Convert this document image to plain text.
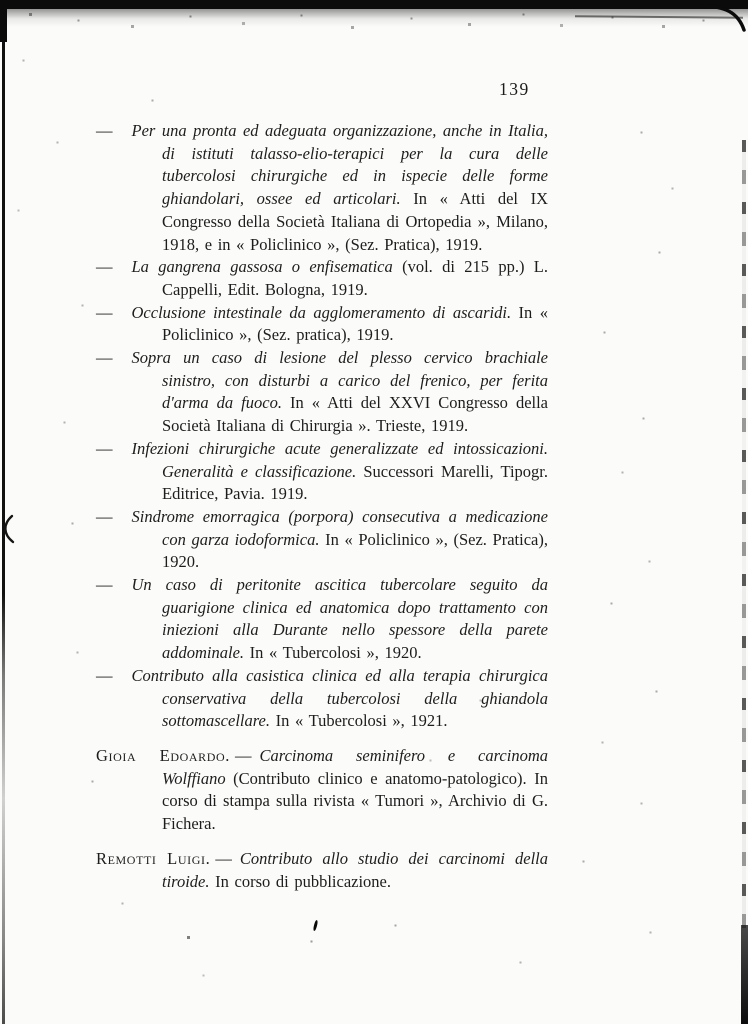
139

— Per una pronta ed adeguata organizzazione, anche in Italia, di istituti talasso-elio-terapici per la cura delle tubercolosi chirurgiche ed in ispecie delle forme ghiandolari, ossee ed articolari. In « Atti del IX Congresso della Società Italiana di Ortopedia », Milano, 1918, e in « Policlinico », (Sez. Pratica), 1919.

— La gangrena gassosa o enfisematica (vol. di 215 pp.) L. Cappelli, Edit. Bologna, 1919.

— Occlusione intestinale da agglomeramento di ascaridi. In « Policlinico », (Sez. pratica), 1919.

— Sopra un caso di lesione del plesso cervico brachiale sinistro, con disturbi a carico del frenico, per ferita d'arma da fuoco. In « Atti del XXVI Congresso della Società Italiana di Chirurgia ». Trieste, 1919.

— Infezioni chirurgiche acute generalizzate ed intossicazioni. Generalità e classificazione. Successori Marelli, Tipogr. Editrice, Pavia. 1919.

— Sindrome emorragica (porpora) consecutiva a medicazione con garza iodoformica. In « Policlinico », (Sez. Pratica), 1920.

— Un caso di peritonite ascitica tubercolare seguito da guarigione clinica ed anatomica dopo trattamento con iniezioni alla Durante nello spessore della parete addominale. In « Tubercolosi », 1920.

— Contributo alla casistica clinica ed alla terapia chirurgica conservativa della tubercolosi della ghiandola sottomascellare. In « Tubercolosi », 1921.

Gioia Edoardo. — Carcinoma seminifero e carcinoma Wolffiano (Contributo clinico e anatomo-patologico). In corso di stampa sulla rivista « Tumori », Archivio di G. Fichera.

Remotti Luigi. — Contributo allo studio dei carcinomi della tiroide. In corso di pubblicazione.
